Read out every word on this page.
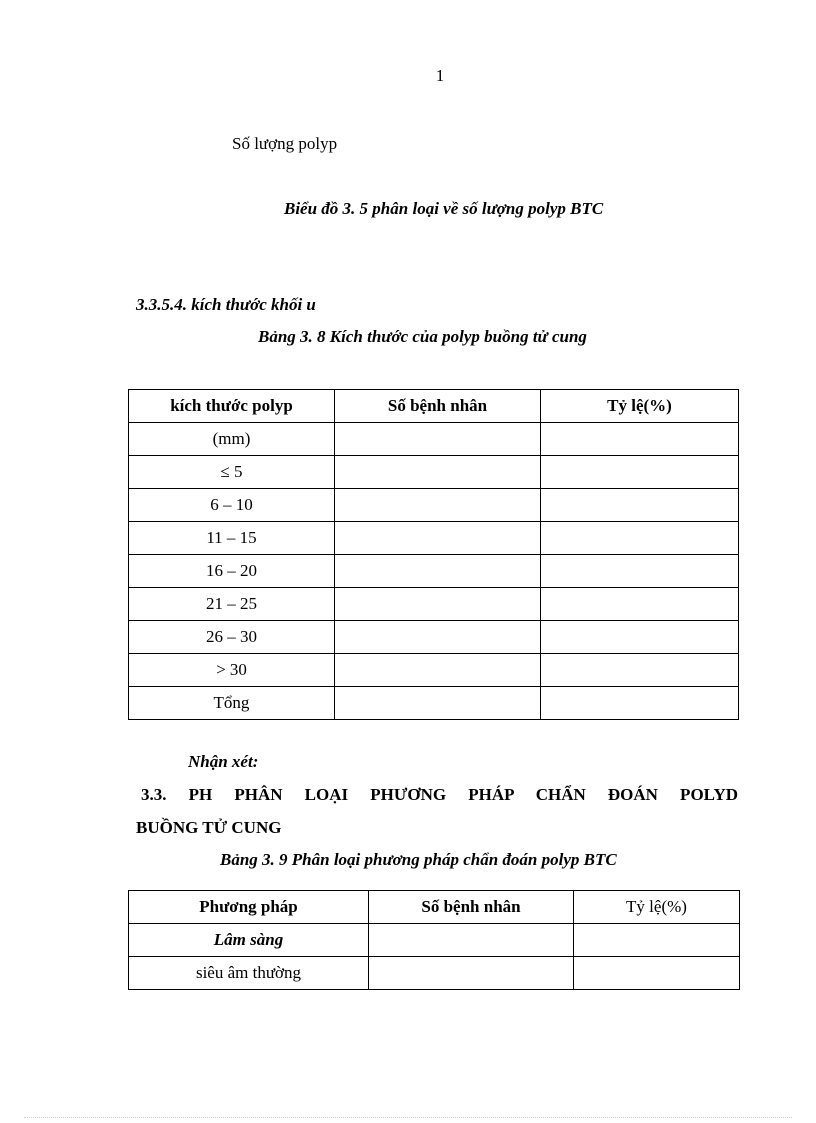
1
Số lượng polyp
Biểu đồ 3. 5 phân loại về số lượng polyp BTC
3.3.5.4. kích thước khối u
Bảng 3. 8 Kích thước của polyp buồng tử cung
kích thước polyp	Số bệnh nhân	Tỷ lệ(%)
(mm)		
≤ 5		
6 – 10		
11 – 15		
16 – 20		
21 – 25		
26 – 30		
> 30		
Tổng		
Nhận xét:
3.3. PH PHÂN LOẠI PHƯƠNG PHÁP CHẨN ĐOÁN POLYD
BUỒNG TỬ CUNG
Bảng 3. 9 Phân loại phương pháp chẩn đoán polyp BTC
Phương pháp	Số bệnh nhân	Tỷ lệ(%)
Lâm sàng		
siêu âm thường		
